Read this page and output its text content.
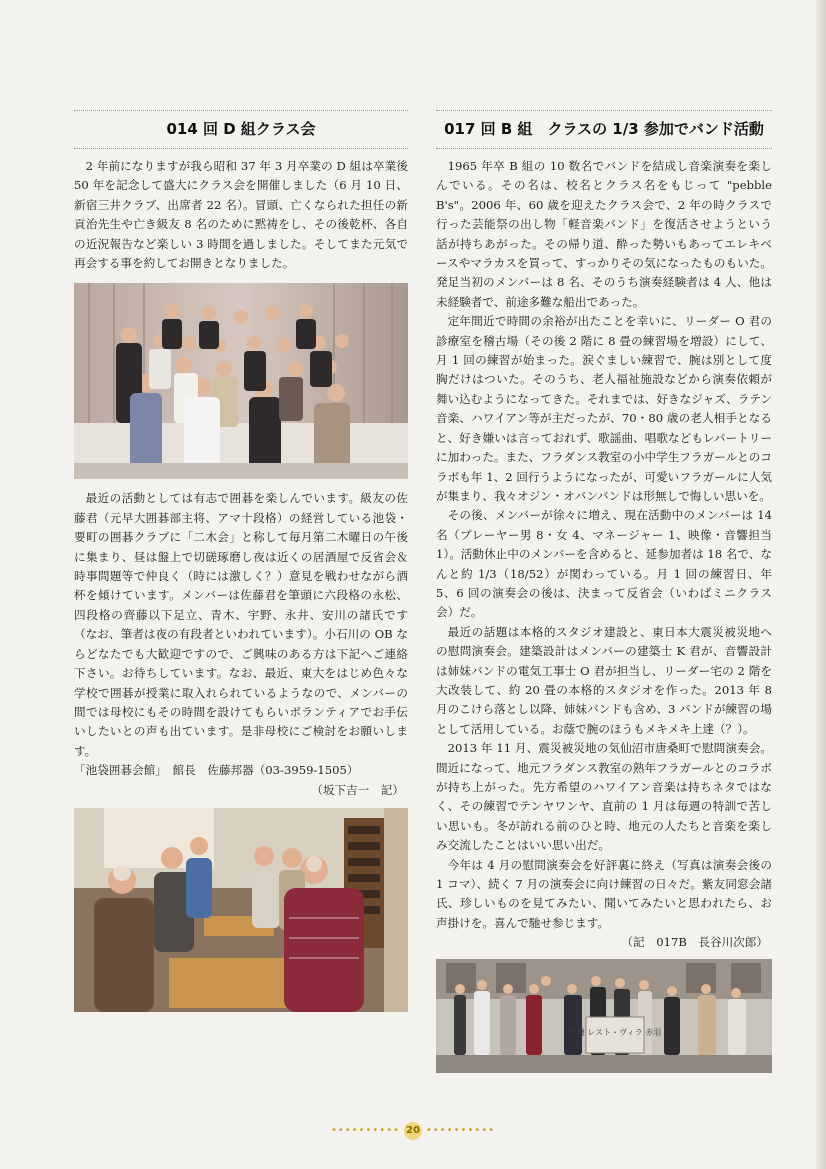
014 回 D 組クラス会

2 年前になりますが我ら昭和 37 年 3 月卒業の D 組は卒業後 50 年を記念して盛大にクラス会を開催しました（6 月 10 日、新宿三井クラブ、出席者 22 名）。冒頭、亡くなられた担任の新　貢治先生や亡き級友 8 名のために黙祷をし、その後乾杯、各自の近況報告など楽しい 3 時間を過しました。そしてまた元気で再会する事を約してお開きとなりました。

最近の活動としては有志で囲碁を楽しんでいます。級友の佐藤君（元早大囲碁部主将、アマ十段格）の経営している池袋・要町の囲碁クラブに「二木会」と称して毎月第二木曜日の午後に集まり、昼は盤上で切磋琢磨し夜は近くの居酒屋で反省会＆時事問題等で仲良く（時には激しく？）意見を戦わせながら酒杯を傾けています。メンバーは佐藤君を筆頭に六段格の永松、四段格の齊藤以下足立、青木、宇野、永井、安川の諸氏です（なお、筆者は夜の有段者といわれています）。小石川の OB ならどなたでも大歓迎ですので、ご興味のある方は下記へご連絡下さい。お待ちしています。なお、最近、東大をはじめ色々な学校で囲碁が授業に取入れられているようなので、メンバーの間では母校にもその時間を設けてもらいボランティアでお手伝いしたいとの声も出ています。是非母校にご検討をお願いします。

「池袋囲碁会館」　館長　佐藤邦器（03-3959-1505）

（坂下吉一　記）

017 回 B 組　クラスの 1/3 参加でバンド活動

1965 年卒 B 組の 10 数名でバンドを結成し音楽演奏を楽しんでいる。その名は、校名とクラス名をもじって "pebble B's"。2006 年、60 歳を迎えたクラス会で、2 年の時クラスで行った芸能祭の出し物「軽音楽バンド」を復活させようという話が持ちあがった。その帰り道、酔った勢いもあってエレキベースやマラカスを買って、すっかりその気になったものもいた。発足当初のメンバーは 8 名、そのうち演奏経験者は 4 人、他は未経験者で、前途多難な船出であった。

定年間近で時間の余裕が出たことを幸いに、リーダー O 君の診療室を稽古場（その後 2 階に 8 畳の練習場を増設）にして、月 1 回の練習が始まった。涙ぐましい練習で、腕は別として度胸だけはついた。そのうち、老人福祉施設などから演奏依頼が舞い込むようになってきた。それまでは、好きなジャズ、ラテン音楽、ハワイアン等が主だったが、70・80 歳の老人相手となると、好き嫌いは言っておれず、歌謡曲、唱歌などもレパートリーに加わった。また、フラダンス教室の小中学生フラガールとのコラボも年 1、2 回行うようになったが、可愛いフラガールに人気が集まり、我々オジン・オバンバンドは形無しで悔しい思いを。

その後、メンバーが徐々に増え、現在活動中のメンバーは 14 名（プレーヤー男 8・女 4、マネージャー 1、映像・音響担当 1）。活動休止中のメンバーを含めると、延参加者は 18 名で、なんと約 1/3（18/52）が関わっている。月 1 回の練習日、年 5、6 回の演奏会の後は、決まって反省会（いわばミニクラス会）だ。

最近の話題は本格的スタジオ建設と、東日本大震災被災地への慰問演奏会。建築設計はメンバーの建築士 K 君が、音響設計は姉妹バンドの電気工事士 O 君が担当し、リーダー宅の 2 階を大改装して、約 20 畳の本格的スタジオを作った。2013 年 8 月のこけら落とし以降、姉妹バンドも含め、3 バンドが練習の場として活用している。お蔭で腕のほうもメキメキ上達（？）。

2013 年 11 月、震災被災地の気仙沼市唐桑町で慰問演奏会。間近になって、地元フラダンス教室の熟年フラガールとのコラボが持ち上がった。先方希望のハワイアン音楽は持ちネタではなく、その練習でテンヤワンヤ、直前の 1 月は毎週の特訓で苦しい思いも。冬が訪れる前のひと時、地元の人たちと音楽を楽しみ交流したことはいい思い出だ。

今年は 4 月の慰問演奏会を好評裏に終え（写真は演奏会後の 1 コマ）、続く 7 月の演奏会に向け練習の日々だ。紫友同窓会諸氏、珍しいものを見てみたい、聞いてみたいと思われたら、お声掛けを。喜んで馳せ参じます。

（記　017B　長谷川次郎）

介護 レスト・ヴィラ 赤羽
•••••••••• 20 ••••••••••
